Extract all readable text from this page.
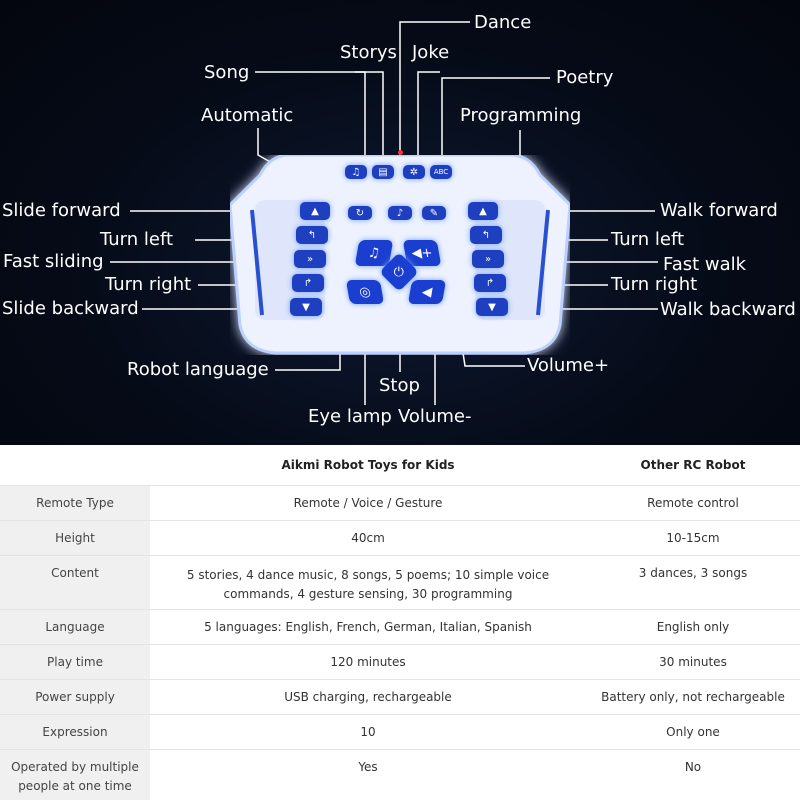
♫ ▤ ✲ ABC
↻	♪	✎
▲
↰
»
↱
▼
▲
↰
»
↱
▼
♫	◀+
⏻
◎	◀
Dance
Storys Joke
Song	Poetry
Automatic	Programming
Slide forward
Turn left
Fast sliding
Turn right
Slide backward
Walk forward
Turn left
Fast walk
Turn right
Walk backward
Robot language
Stop
Volume+
Eye lamp Volume-
	Aikmi Robot Toys for Kids	Other RC Robot
Remote Type	Remote / Voice / Gesture	Remote control
Height	40cm	10-15cm
Content	5 stories, 4 dance music, 8 songs, 5 poems; 10 simple voice commands, 4 gesture sensing, 30 programming	3 dances, 3 songs
Language	5 languages: English, French, German, Italian, Spanish	English only
Play time	120 minutes	30 minutes
Power supply	USB charging, rechargeable	Battery only, not rechargeable
Expression	10	Only one
Operated by multiple people at one time	Yes	No
